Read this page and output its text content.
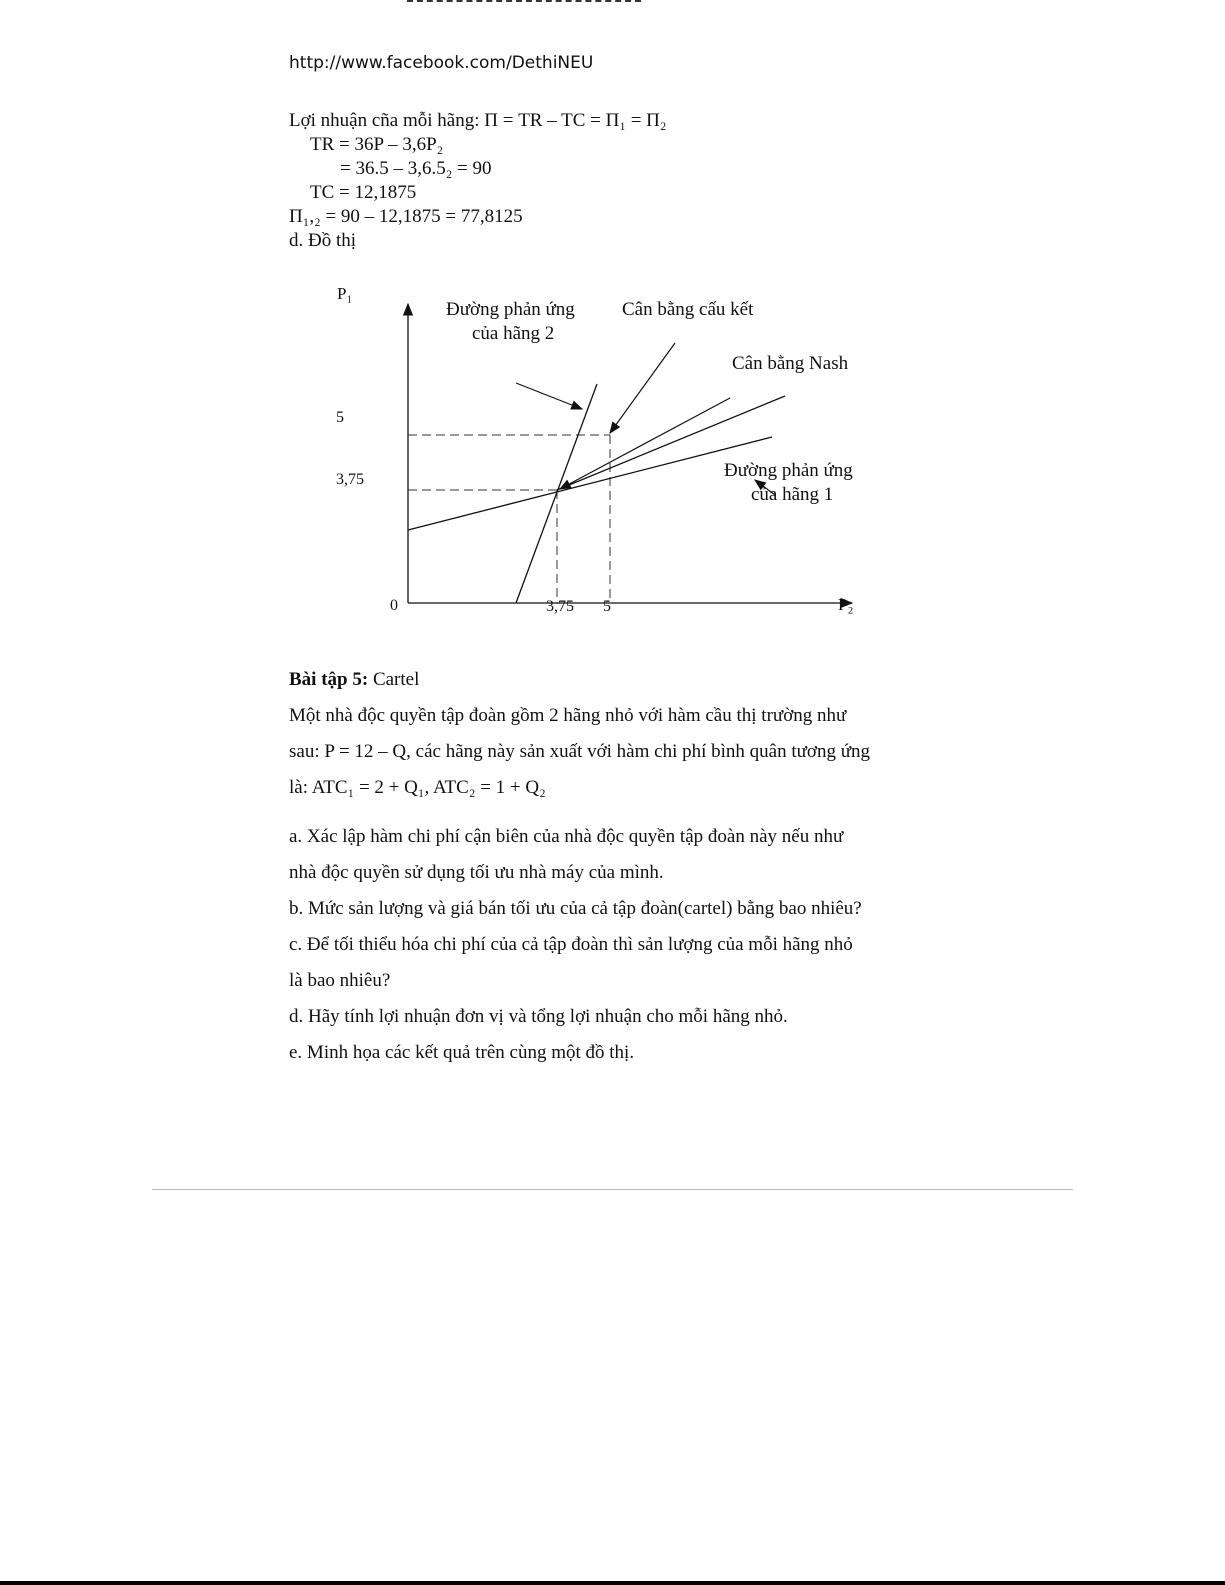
http://www.facebook.com/DethiNEU
Lợi nhuận cña mỗi hãng: Π = TR – TC = Π₁ = Π₂
TR = 36P – 3,6P₂
= 36.5 – 3,6.5₂ = 90
TC = 12,1875
Π₁,₂ = 90 – 12,1875 = 77,8125
d. Đồ thị
P₁
P₂
0
5
3,75
3,75 5
Đường phản ứng
của hãng 2
Cân bằng cấu kết
Cân bằng Nash
Đường phản ứng
của hãng 1
Bài tập 5: Cartel
Một nhà độc quyền tập đoàn gồm 2 hãng nhỏ với hàm cầu thị trường như
sau: P = 12 – Q, các hãng này sản xuất với hàm chi phí bình quân tương ứng
là: ATC₁ = 2 + Q₁, ATC₂ = 1 + Q₂
a. Xác lập hàm chi phí cận biên của nhà độc quyền tập đoàn này nếu như
nhà độc quyền sử dụng tối ưu nhà máy của mình.
b. Mức sản lượng và giá bán tối ưu của cả tập đoàn(cartel) bằng bao nhiêu?
c. Để tối thiểu hóa chi phí của cả tập đoàn thì sản lượng của mỗi hãng nhỏ
là bao nhiêu?
d. Hãy tính lợi nhuận đơn vị và tổng lợi nhuận cho mỗi hãng nhỏ.
e. Minh họa các kết quả trên cùng một đồ thị.
